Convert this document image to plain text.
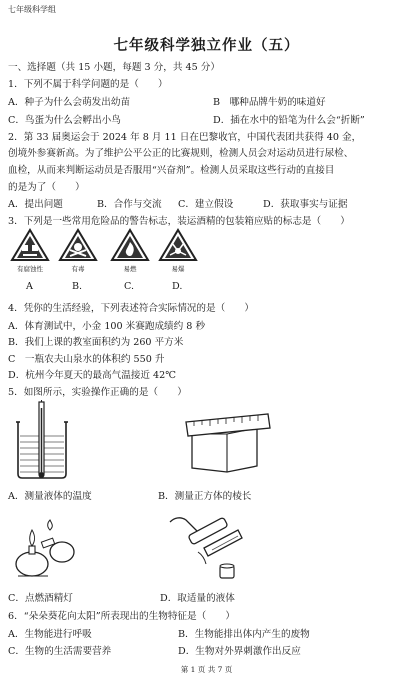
七年级科学组
七年级科学独立作业（五）
一、选择题（共 15 小题，每题 3 分，共 45 分）
1．下列不属于科学问题的是（　　）
A．种子为什么会萌发出幼苗	B　哪种品牌牛奶的味道好
C．鸟蛋为什么会孵出小鸟	D．插在水中的铅笔为什么会“折断”
2．第 33 届奥运会于 2024 年 8 月 11 日在巴黎收官，中国代表团共获得 40 金，
创境外参赛新高。为了维护公平公正的比赛规则，检测人员会对运动员进行尿检、
血检，从而来判断运动员是否服用“兴奋剂”。检测人员采取这些行动的直接目
的是为了（　　）
A．提出问题	B．合作与交流 C．建立假设	D．获取事实与证据
3．下列是一些常用危险品的警告标志，装运酒精的包装箱应贴的标志是（　　）
有腐蚀性	有毒	易燃	易爆
A	B.	C.	D.
4．凭你的生活经验，下列表述符合实际情况的是（　　）
A．体育测试中，小金 100 米赛跑成绩约 8 秒
B．我们上课的教室面积约为 260 平方米
C　一瓶农夫山泉水的体积约 550 升
D．杭州今年夏天的最高气温接近 42℃
5．如图所示，实验操作正确的是（　　）
A．测量液体的温度	B．测量正方体的棱长
C．点燃酒精灯	D．取适量的液体
6．“朵朵葵花向太阳”所表现出的生物特征是（　　）
A．生物能进行呼吸	B．生物能排出体内产生的废物
C．生物的生活需要营养	D．生物对外界刺激作出反应
第 1 页 共 7 页
